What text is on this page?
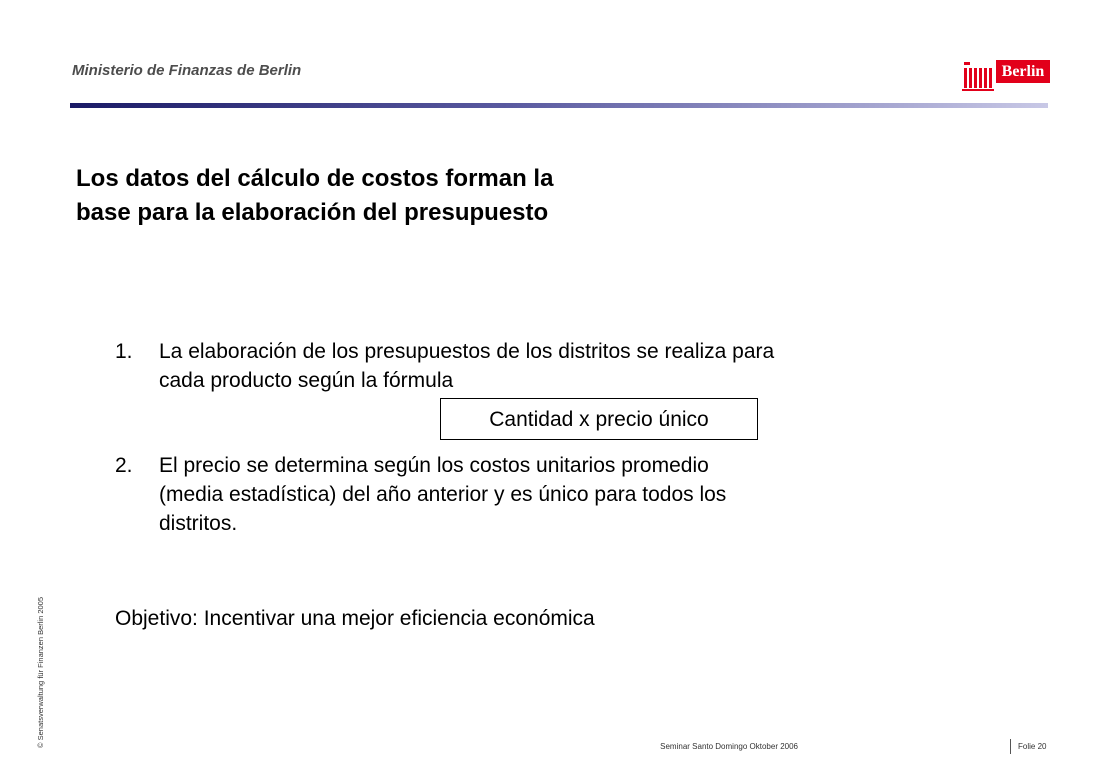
Ministerio de Finanzas de Berlin	Berlin
Los datos del cálculo de costos forman la
base para la elaboración del presupuesto
1.	La elaboración de los presupuestos de los distritos se realiza para
cada producto según la fórmula
Cantidad x precio único
2.	El precio se determina según los costos unitarios promedio
(media estadística) del año anterior y es único para todos los
distritos.
Objetivo: Incentivar una mejor eficiencia económica
© Senatsverwaltung für Finanzen Berlin 2005	Seminar Santo Domingo Oktober 2006	Folie 20
